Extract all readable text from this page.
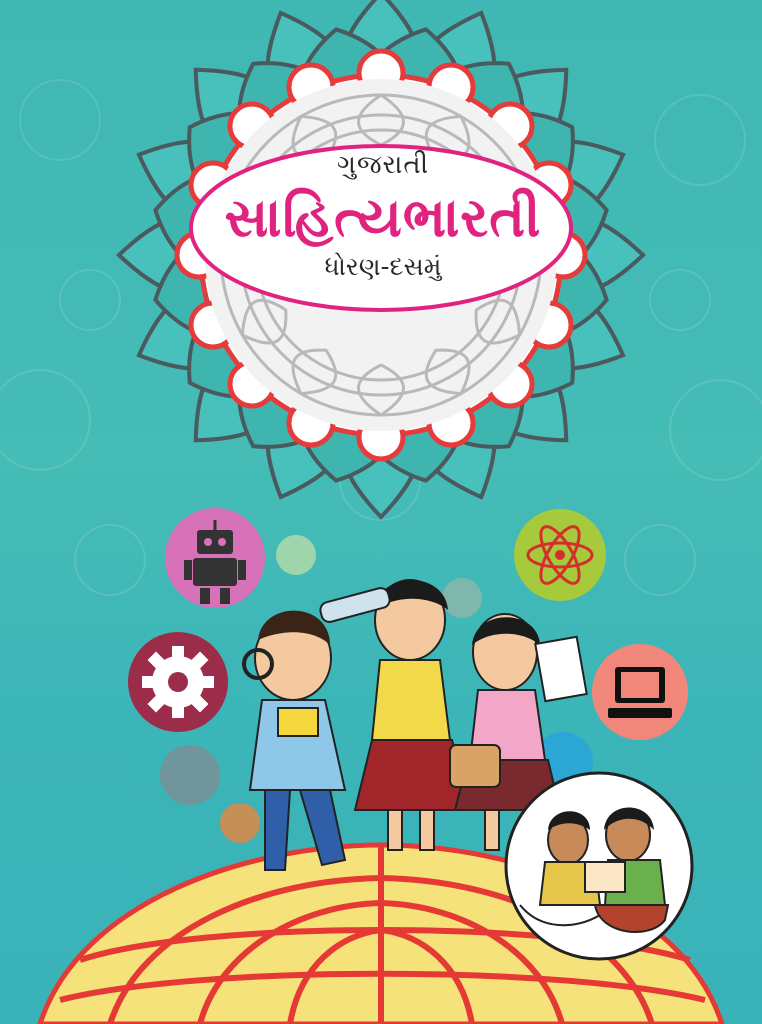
ગુજરાતી
સાહિત્યભારતી
ધોરણ-દસમું
